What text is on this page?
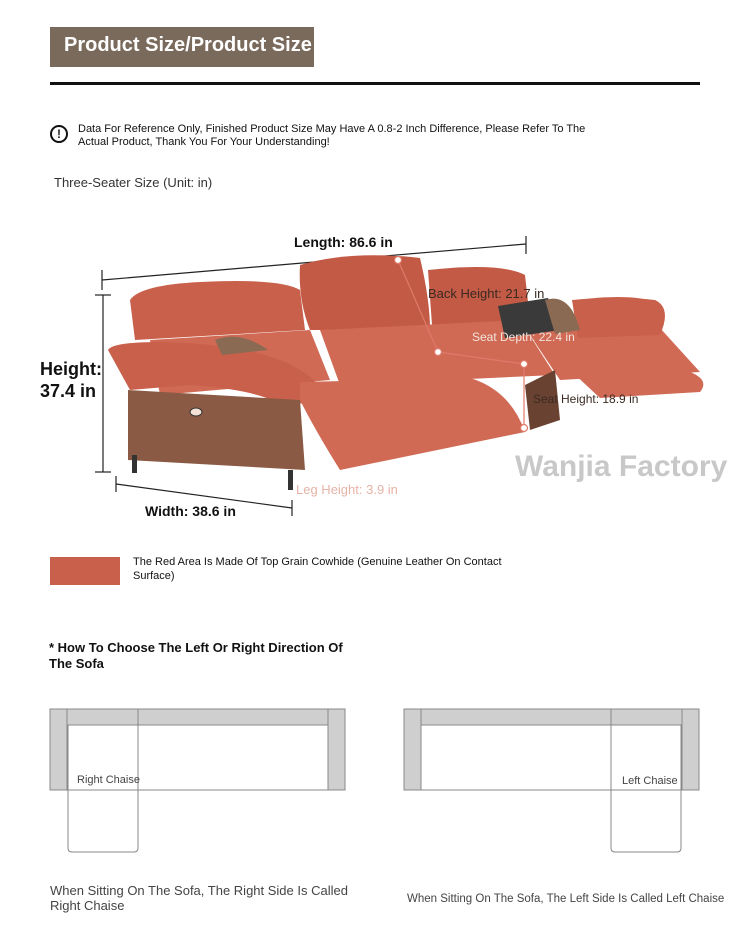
Product Size/Product Size
!	Data For Reference Only, Finished Product Size May Have A 0.8-2 Inch Difference, Please Refer To The Actual Product, Thank You For Your Understanding!
Three-Seater Size (Unit: in)
Length: 86.6 in
Height:
37.4 in
Width: 38.6 in
Back Height: 21.7 in
Seat Depth: 22.4 in
Seat Height: 18.9 in
Leg Height: 3.9 in
Wanjia Factory
The Red Area Is Made Of Top Grain Cowhide (Genuine Leather On Contact Surface)
* How To Choose The Left Or Right Direction Of The Sofa
Right Chaise	Left Chaise
When Sitting On The Sofa, The Right Side Is Called Right Chaise	When Sitting On The Sofa, The Left Side Is Called Left Chaise
